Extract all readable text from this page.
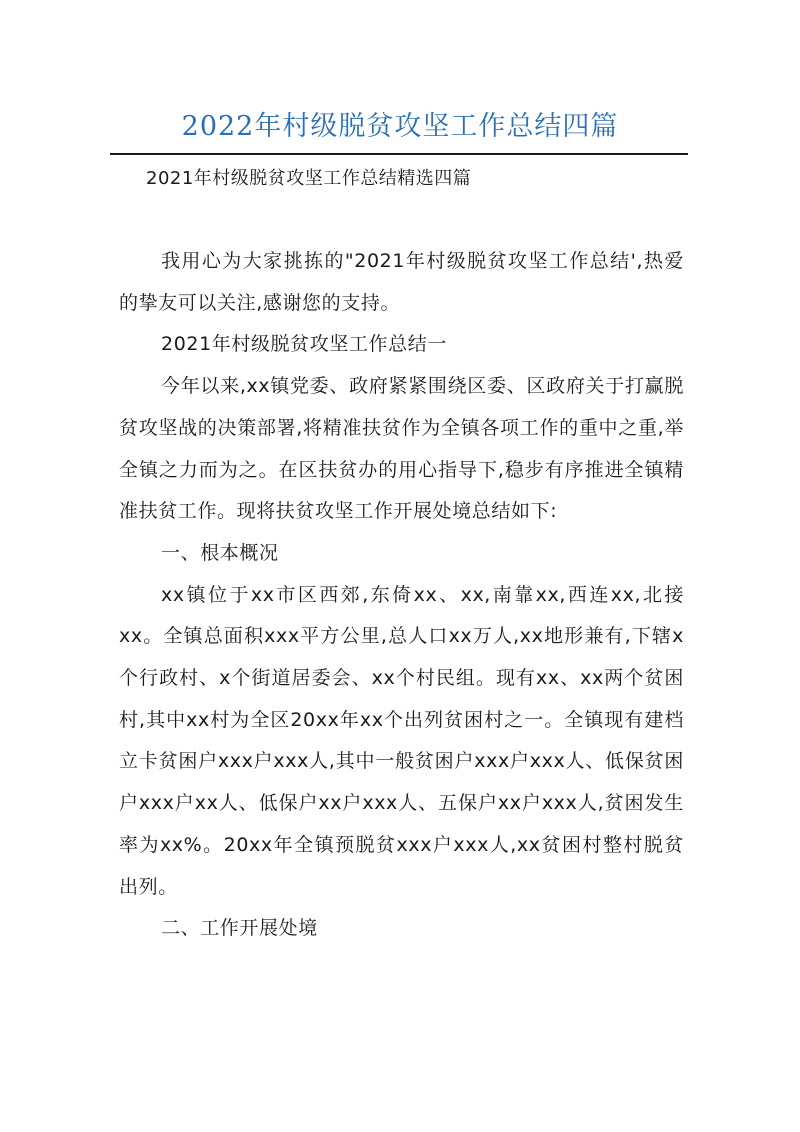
2022年村级脱贫攻坚工作总结四篇
2021年村级脱贫攻坚工作总结精选四篇

我用心为大家挑拣的"2021年村级脱贫攻坚工作总结',热爱的挚友可以关注,感谢您的支持。

2021年村级脱贫攻坚工作总结一

今年以来,xx镇党委、政府紧紧围绕区委、区政府关于打赢脱贫攻坚战的决策部署,将精准扶贫作为全镇各项工作的重中之重,举全镇之力而为之。在区扶贫办的用心指导下,稳步有序推进全镇精准扶贫工作。现将扶贫攻坚工作开展处境总结如下:

一、根本概况

xx镇位于xx市区西郊,东倚xx、xx,南靠xx,西连xx,北接xx。全镇总面积xxx平方公里,总人口xx万人,xx地形兼有,下辖x个行政村、x个街道居委会、xx个村民组。现有xx、xx两个贫困村,其中xx村为全区20xx年xx个出列贫困村之一。全镇现有建档立卡贫困户xxx户xxx人,其中一般贫困户xxx户xxx人、低保贫困户xxx户xx人、低保户xx户xxx人、五保户xx户xxx人,贫困发生率为xx%。20xx年全镇预脱贫xxx户xxx人,xx贫困村整村脱贫出列。

二、工作开展处境
